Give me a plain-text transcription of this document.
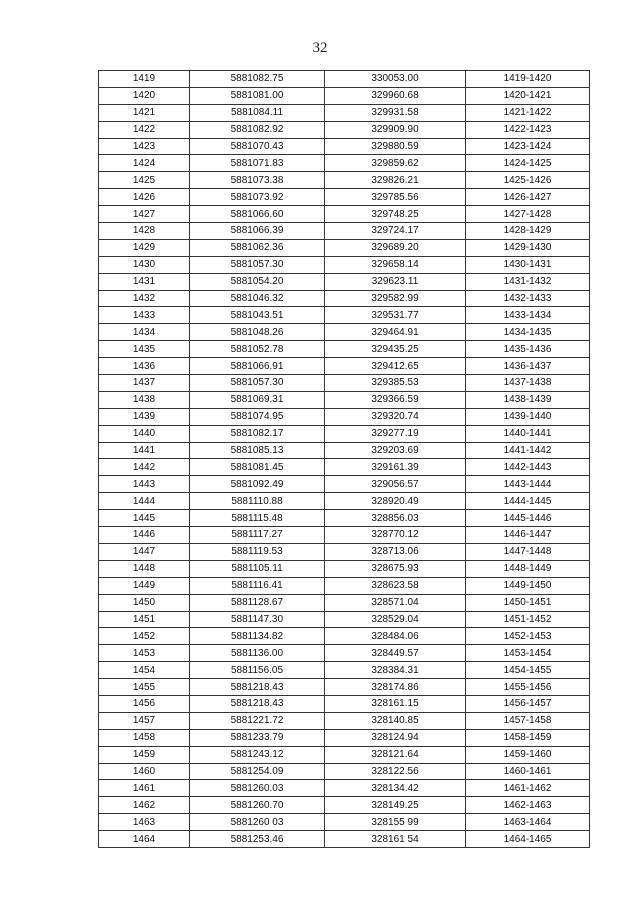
32
1419	5881082.75	330053.00	1419-1420
1420	5881081.00	329960.68	1420-1421
1421	5881084.11	329931.58	1421-1422
1422	5881082.92	329909.90	1422-1423
1423	5881070.43	329880.59	1423-1424
1424	5881071.83	329859.62	1424-1425
1425	5881073.38	329826.21	1425-1426
1426	5881073.92	329785.56	1426-1427
1427	5881066.60	329748.25	1427-1428
1428	5881066.39	329724.17	1428-1429
1429	5881062.36	329689.20	1429-1430
1430	5881057.30	329658.14	1430-1431
1431	5881054.20	329623.11	1431-1432
1432	5881046.32	329582.99	1432-1433
1433	5881043.51	329531.77	1433-1434
1434	5881048.26	329464.91	1434-1435
1435	5881052.78	329435.25	1435-1436
1436	5881066.91	329412.65	1436-1437
1437	5881057.30	329385.53	1437-1438
1438	5881069.31	329366.59	1438-1439
1439	5881074.95	329320.74	1439-1440
1440	5881082.17	329277.19	1440-1441
1441	5881085.13	329203.69	1441-1442
1442	5881081.45	329161.39	1442-1443
1443	5881092.49	329056.57	1443-1444
1444	5881110.88	328920.49	1444-1445
1445	5881115.48	328856.03	1445-1446
1446	5881117.27	328770.12	1446-1447
1447	5881119.53	328713.06	1447-1448
1448	5881105.11	328675.93	1448-1449
1449	5881116.41	328623.58	1449-1450
1450	5881128.67	328571.04	1450-1451
1451	5881147.30	328529.04	1451-1452
1452	5881134.82	328484.06	1452-1453
1453	5881136.00	328449.57	1453-1454
1454	5881156.05	328384.31	1454-1455
1455	5881218.43	328174.86	1455-1456
1456	5881218.43	328161.15	1456-1457
1457	5881221.72	328140.85	1457-1458
1458	5881233.79	328124.94	1458-1459
1459	5881243.12	328121.64	1459-1460
1460	5881254.09	328122.56	1460-1461
1461	5881260.03	328134.42	1461-1462
1462	5881260.70	328149.25	1462-1463
1463	5881260 03	328155 99	1463-1464
1464	5881253.46	328161 54	1464-1465
